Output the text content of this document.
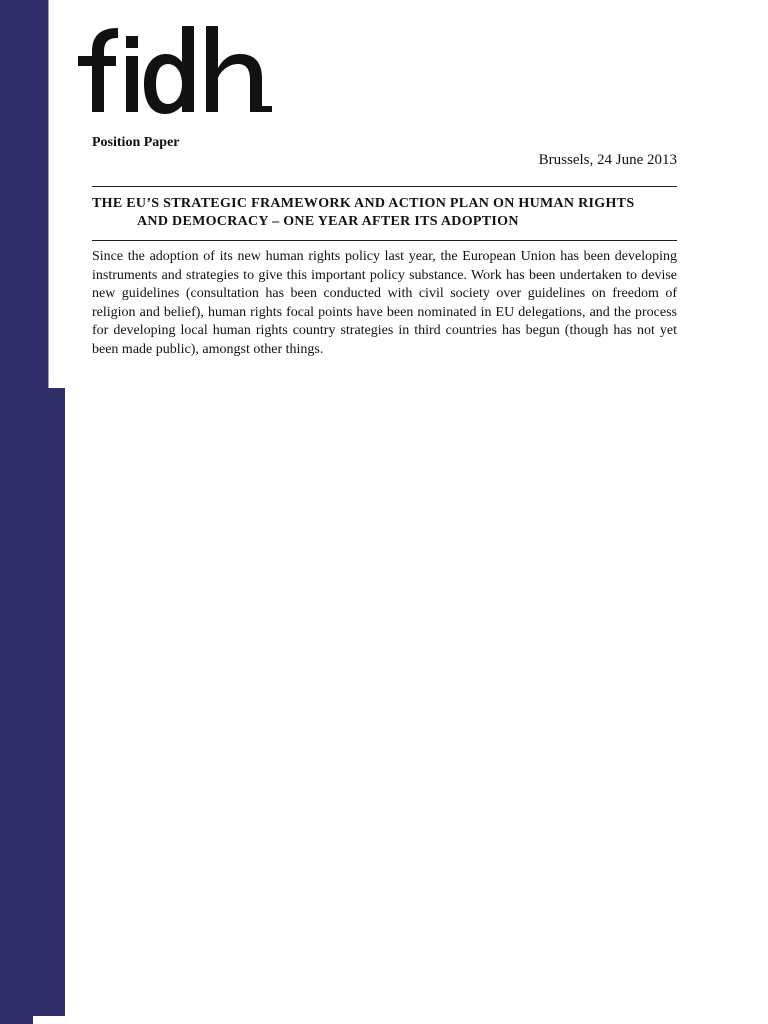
Position Paper
Brussels, 24 June 2013
THE EU’S STRATEGIC FRAMEWORK AND ACTION PLAN ON HUMAN RIGHTS
AND DEMOCRACY – ONE YEAR AFTER ITS ADOPTION
Since the adoption of its new human rights policy last year, the European Union has been developing instruments and strategies to give this important policy substance. Work has been undertaken to devise new guidelines (consultation has been conducted with civil society over guidelines on freedom of religion and belief), human rights focal points have been nominated in EU delegations, and the process for developing local human rights country strategies in third countries has begun (though has not yet been made public), amongst other things.
